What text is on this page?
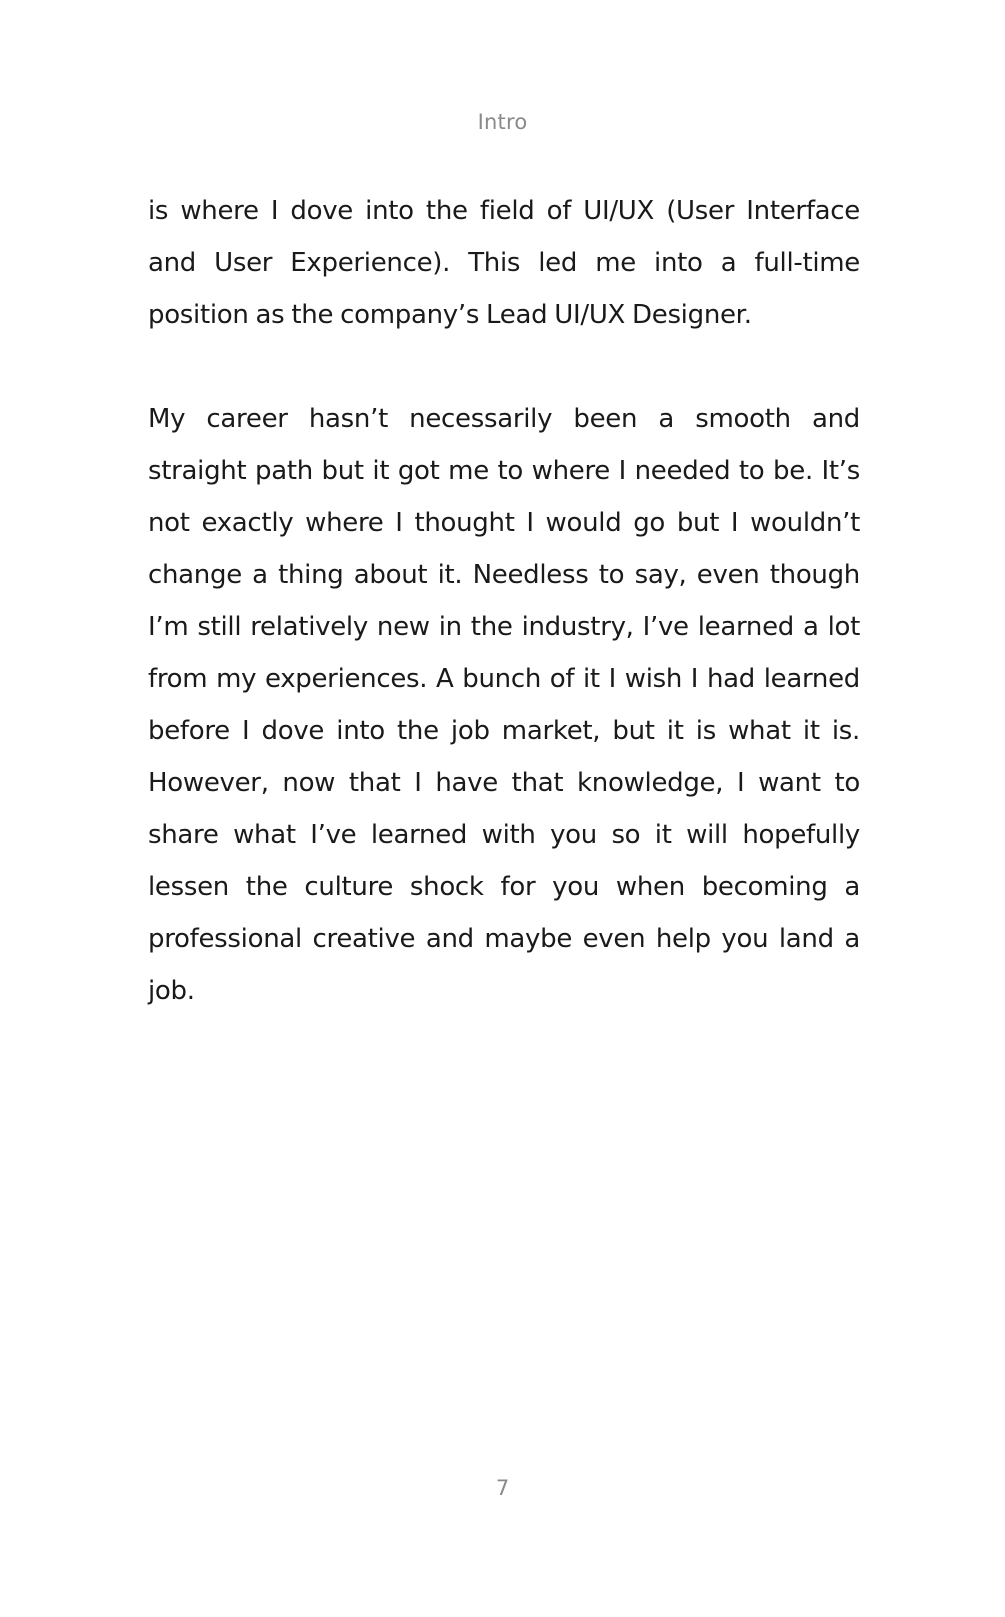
Intro

is where I dove into the field of UI/UX (User Interface and User Experience). This led me into a full-time position as the company’s Lead UI/UX Designer.

My career hasn’t necessarily been a smooth and straight path but it got me to where I needed to be. It’s not exactly where I thought I would go but I wouldn’t change a thing about it. Needless to say, even though I’m still relatively new in the industry, I’ve learned a lot from my experiences. A bunch of it I wish I had learned before I dove into the job market, but it is what it is. However, now that I have that knowledge, I want to share what I’ve learned with you so it will hopefully lessen the culture shock for you when becoming a professional creative and maybe even help you land a job.

7
